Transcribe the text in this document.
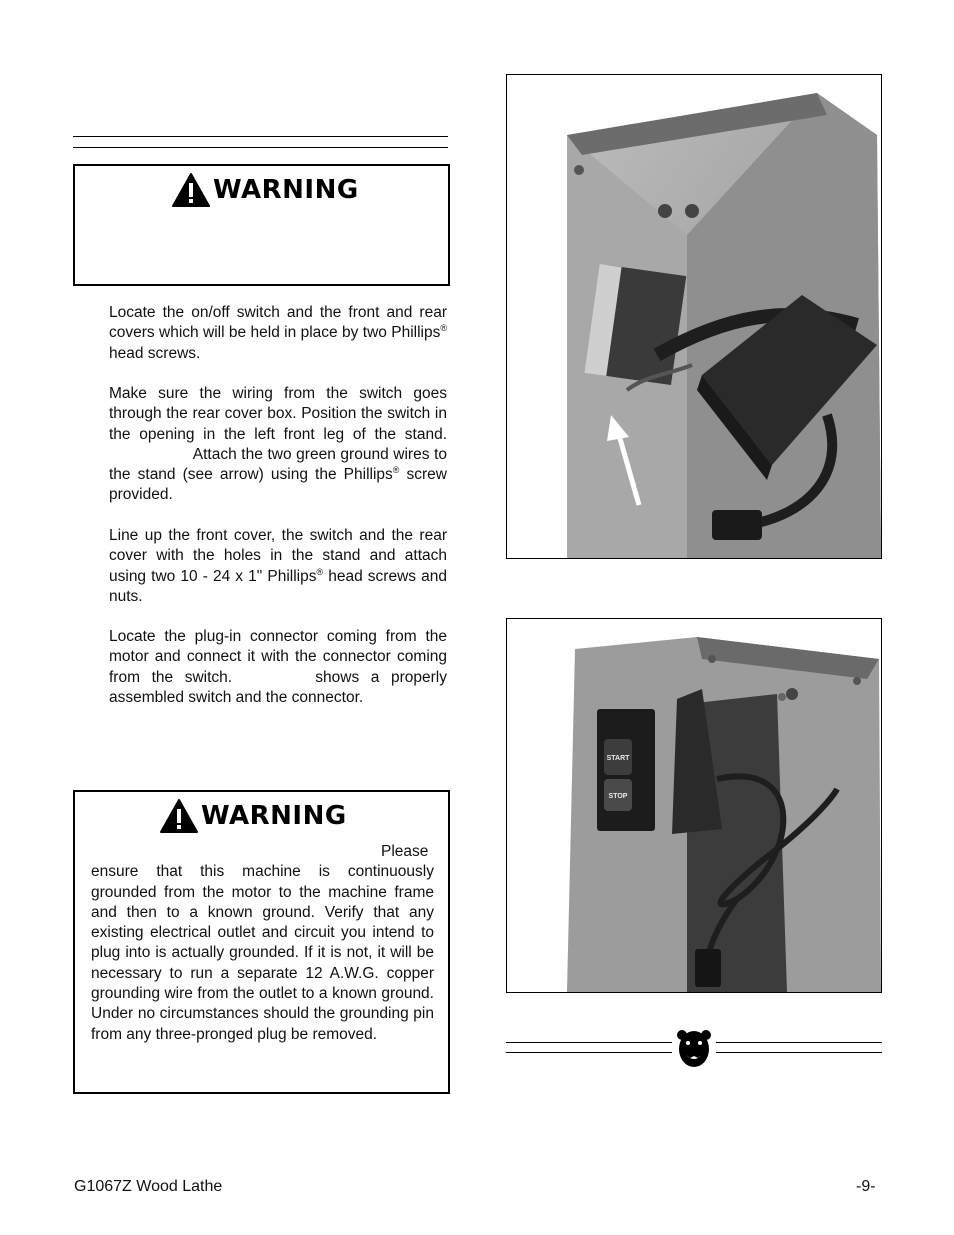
WARNING

Locate the on/off switch and the front and rear covers which will be held in place by two Phillips® head screws.

Make sure the wiring from the switch goes through the rear cover box. Position the switch in the opening in the left front leg of the stand.  Attach the two green ground wires to the stand (see arrow) using the Phillips® screw provided.

Line up the front cover, the switch and the rear cover with the holes in the stand and attach using two 10 - 24 x 1" Phillips® head screws and nuts.

Locate the plug-in connector coming from the motor and connect it with the connector coming from the switch.	shows a properly assembled switch and the connector.

WARNING

Please ensure that this machine is continuously grounded from the motor to the machine frame and then to a known ground. Verify that any existing electrical outlet and circuit you intend to plug into is actually grounded. If it is not, it will be necessary to run a separate 12 A.W.G. copper grounding wire from the outlet to a known ground. Under no circumstances should the grounding pin from any three-pronged plug be removed.

START
STOP
G1067Z Wood Lathe	-9-
